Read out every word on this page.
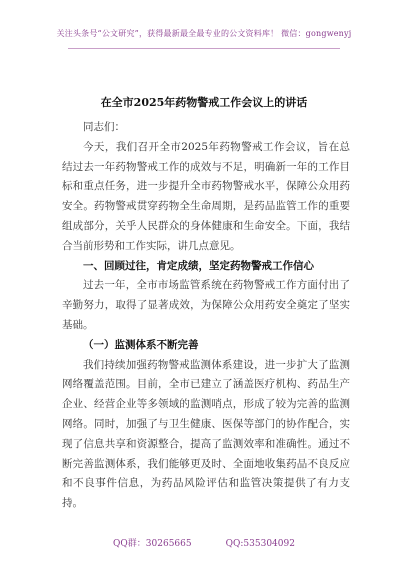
关注头条号“公文研究”，获得最新最全最专业的公文资料库！ 微信：gongwenyj
在全市2025年药物警戒工作会议上的讲话

同志们：

今天，我们召开全市2025年药物警戒工作会议，旨在总结过去一年药物警戒工作的成效与不足，明确新一年的工作目标和重点任务，进一步提升全市药物警戒水平，保障公众用药安全。药物警戒贯穿药物全生命周期，是药品监管工作的重要组成部分，关乎人民群众的身体健康和生命安全。下面，我结合当前形势和工作实际，讲几点意见。

一、回顾过往，肯定成绩，坚定药物警戒工作信心

过去一年，全市市场监管系统在药物警戒工作方面付出了辛勤努力，取得了显著成效，为保障公众用药安全奠定了坚实基础。

（一）监测体系不断完善

我们持续加强药物警戒监测体系建设，进一步扩大了监测网络覆盖范围。目前，全市已建立了涵盖医疗机构、药品生产企业、经营企业等多领域的监测哨点，形成了较为完善的监测网络。同时，加强了与卫生健康、医保等部门的协作配合，实现了信息共享和资源整合，提高了监测效率和准确性。通过不断完善监测体系，我们能够更及时、全面地收集药品不良反应和不良事件信息，为药品风险评估和监管决策提供了有力支持。

QQ群：30265665	QQ:535304092
